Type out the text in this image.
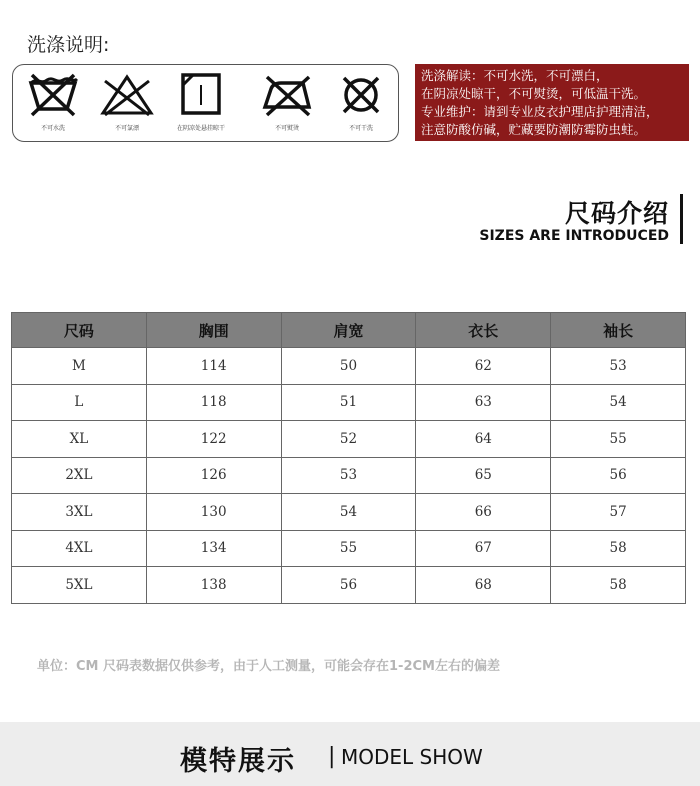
洗涤说明:
不可水洗	不可氯漂	在阴凉处悬挂晾干	不可熨烫	不可干洗
洗涤解读：不可水洗，不可漂白，
在阴凉处晾干，不可熨烫，可低温干洗。
专业维护：请到专业皮衣护理店护理清洁，
注意防酸仿碱，贮藏要防潮防霉防虫蛀。
尺码介绍
SIZES ARE INTRODUCED
尺码	胸围	肩宽	衣长	袖长
M	114	50	62	53
L	118	51	63	54
XL	122	52	64	55
2XL	126	53	65	56
3XL	130	54	66	57
4XL	134	55	67	58
5XL	138	56	68	58
单位：CM 尺码表数据仅供参考，由于人工测量，可能会存在1-2CM左右的偏差
模特展示 | MODEL SHOW
